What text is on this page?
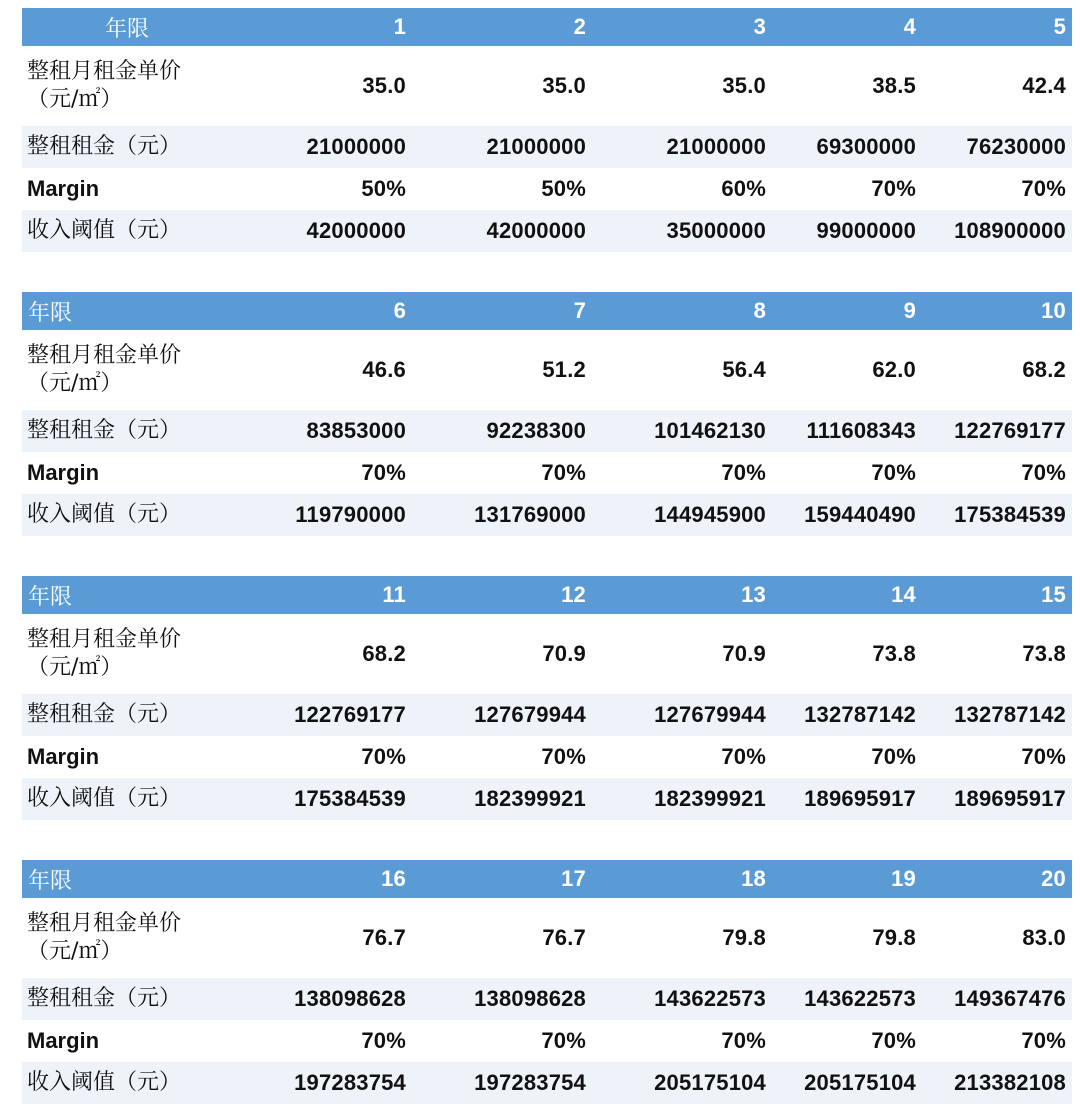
年限	1	2	3	4	5

整租月租金单价
（元/㎡）	35.0	35.0	35.0	38.5	42.4
整租租金（元）	21000000	21000000	21000000	69300000	76230000
Margin	50%	50%	60%	70%	70%
收入阈值（元）	42000000	42000000	35000000	99000000	108900000
年限	6	7	8	9	10

整租月租金单价
（元/㎡）	46.6	51.2	56.4	62.0	68.2
整租租金（元）	83853000	92238300	101462130	111608343	122769177
Margin	70%	70%	70%	70%	70%
收入阈值（元）	119790000	131769000	144945900	159440490	175384539
年限	11	12	13	14	15

整租月租金单价
（元/㎡）	68.2	70.9	70.9	73.8	73.8
整租租金（元）	122769177	127679944	127679944	132787142	132787142
Margin	70%	70%	70%	70%	70%
收入阈值（元）	175384539	182399921	182399921	189695917	189695917
年限	16	17	18	19	20

整租月租金单价
（元/㎡）	76.7	76.7	79.8	79.8	83.0
整租租金（元）	138098628	138098628	143622573	143622573	149367476
Margin	70%	70%	70%	70%	70%
收入阈值（元）	197283754	197283754	205175104	205175104	213382108
